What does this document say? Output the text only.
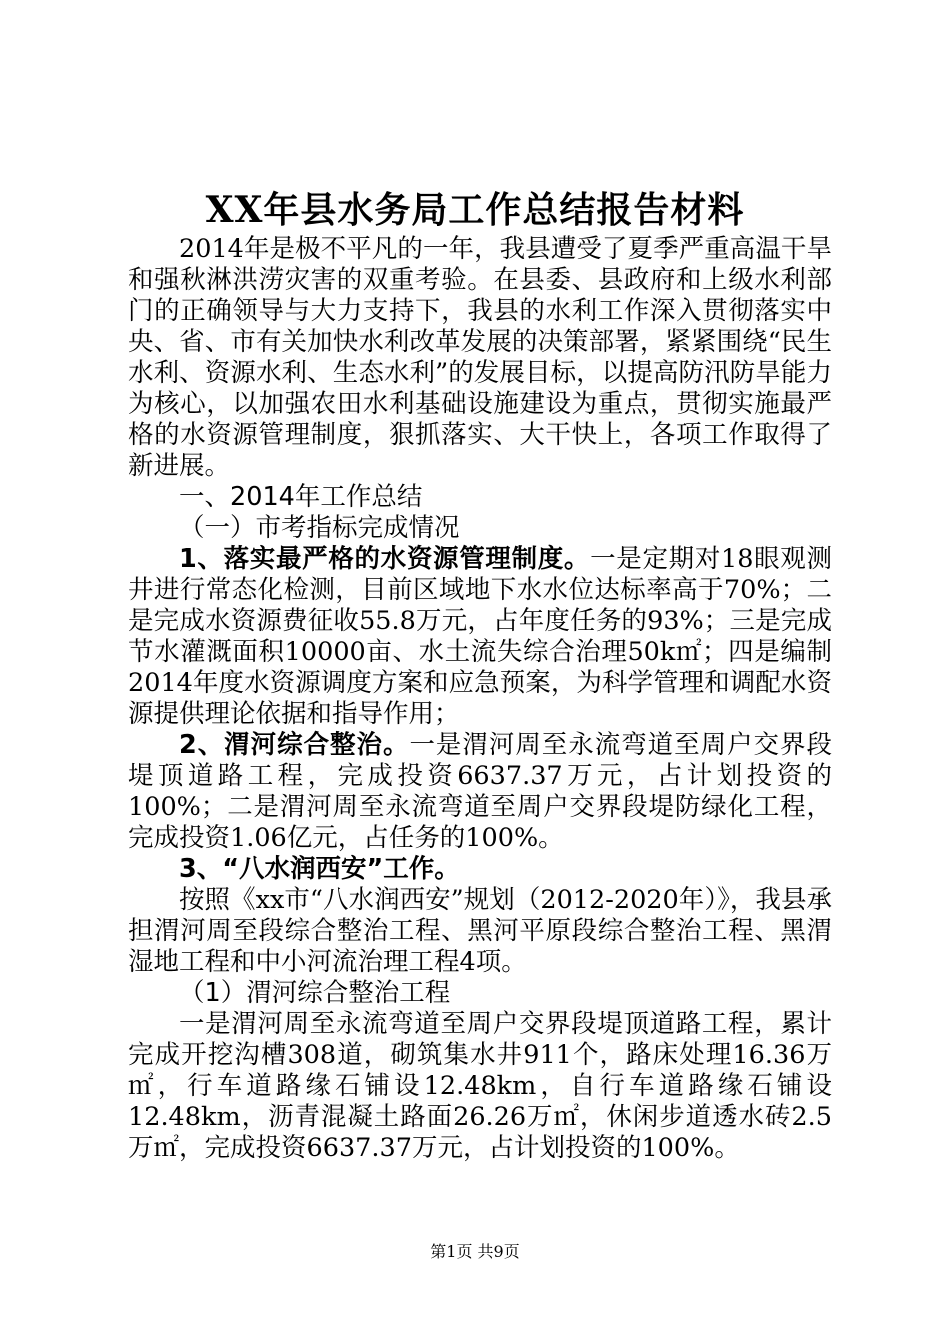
XX年县水务局工作总结报告材料

2014年是极不平凡的一年，我县遭受了夏季严重高温干旱和强秋淋洪涝灾害的双重考验。在县委、县政府和上级水利部门的正确领导与大力支持下，我县的水利工作深入贯彻落实中央、省、市有关加快水利改革发展的决策部署，紧紧围绕“民生水利、资源水利、生态水利”的发展目标，以提高防汛防旱能力为核心，以加强农田水利基础设施建设为重点，贯彻实施最严格的水资源管理制度，狠抓落实、大干快上，各项工作取得了新进展。

一、2014年工作总结

（一）市考指标完成情况

1、落实最严格的水资源管理制度。一是定期对18眼观测井进行常态化检测，目前区域地下水水位达标率高于70%；二是完成水资源费征收55.8万元，占年度任务的93%；三是完成节水灌溉面积10000亩、水土流失综合治理50k㎡；四是编制2014年度水资源调度方案和应急预案，为科学管理和调配水资源提供理论依据和指导作用；

2、渭河综合整治。一是渭河周至永流弯道至周户交界段堤顶道路工程，完成投资6637.37万元，占计划投资的100%；二是渭河周至永流弯道至周户交界段堤防绿化工程，完成投资1.06亿元，占任务的100%。

3、“八水润西安”工作。

按照《xx市“八水润西安”规划（2012-2020年）》，我县承担渭河周至段综合整治工程、黑河平原段综合整治工程、黑渭湿地工程和中小河流治理工程4项。

（1）渭河综合整治工程

一是渭河周至永流弯道至周户交界段堤顶道路工程，累计完成开挖沟槽308道，砌筑集水井911个，路床处理16.36万㎡，行车道路缘石铺设12.48km，自行车道路缘石铺设12.48km，沥青混凝土路面26.26万㎡，休闲步道透水砖2.5万㎡，完成投资6637.37万元，占计划投资的100%。

第1页 共9页
